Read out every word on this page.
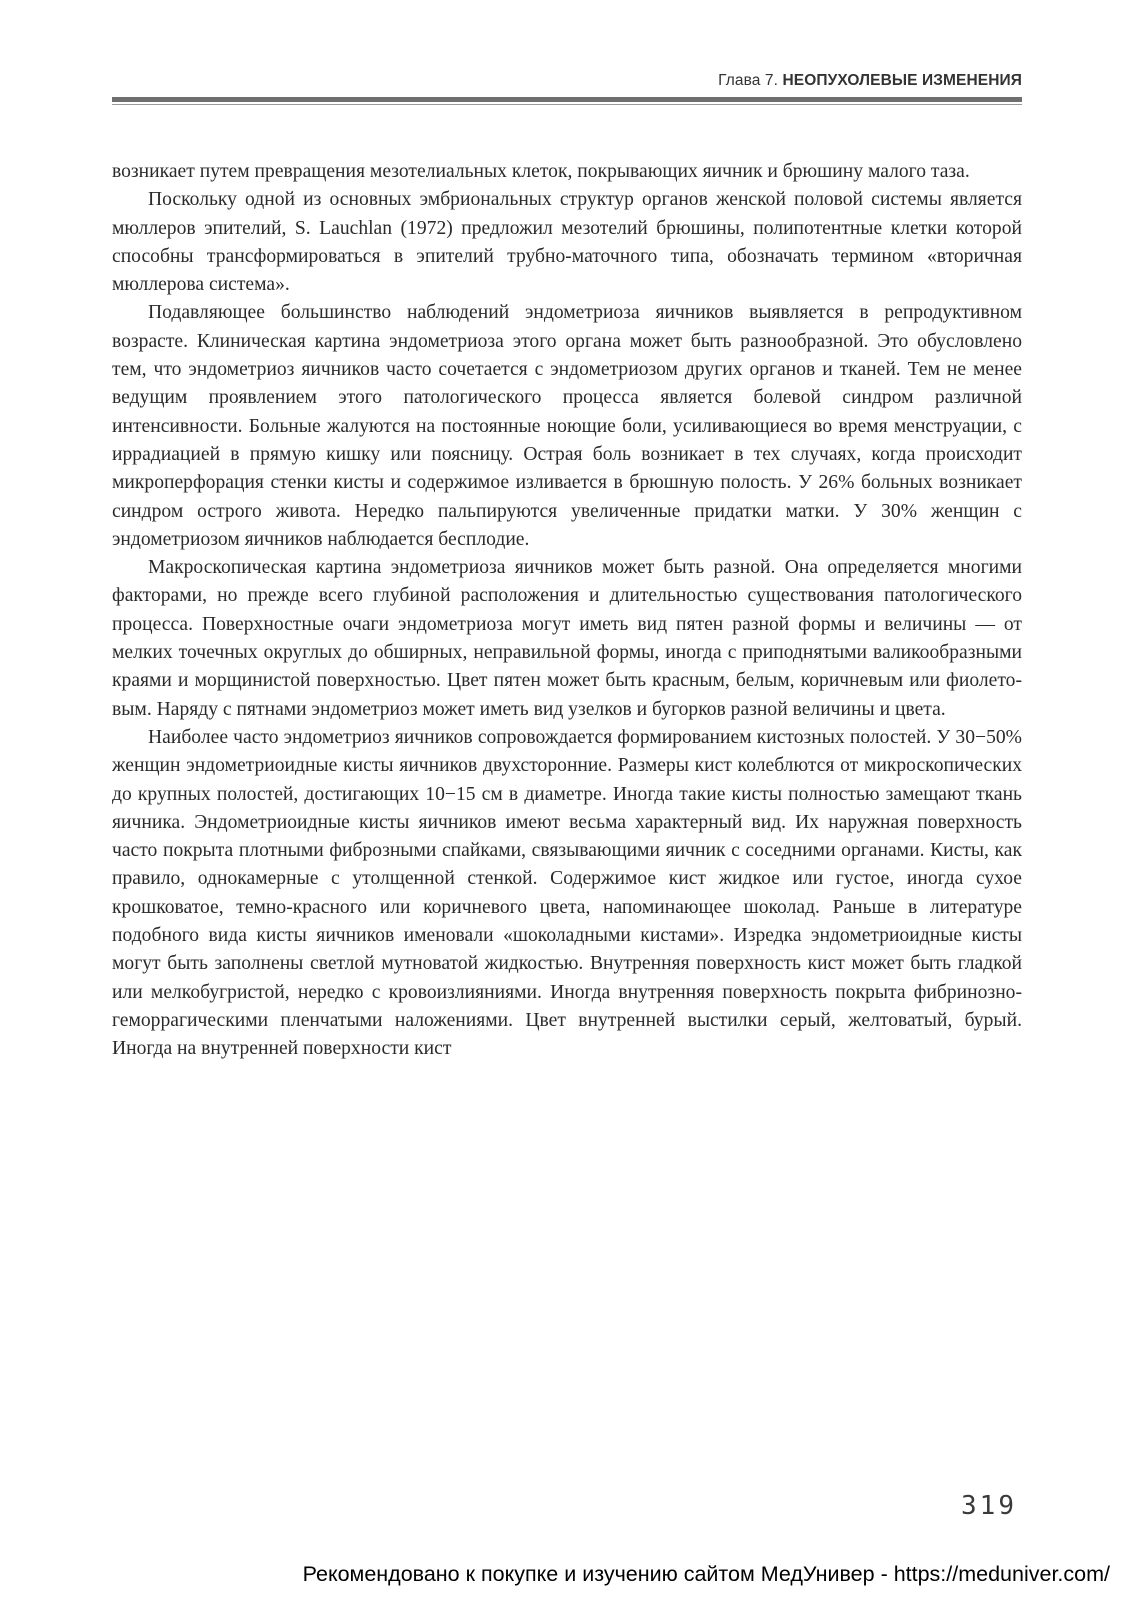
Глава 7. НЕОПУХОЛЕВЫЕ ИЗМЕНЕНИЯ

возникает путем превращения мезотелиальных клеток, покрывающих яичник и брюшину малого таза.

Поскольку одной из основных эмбриональных структур органов женской половой системы является мюллеров эпителий, S. Lauchlan (1972) предложил мезотелий брюшины, полипотентные клетки которой способны трансформироваться в эпителий трубно-маточного типа, обозначать термином «вторичная мюллерова система».

Подавляющее большинство наблюдений эндометриоза яичников выявляется в репродуктивном возрасте. Клиническая картина эндометриоза этого органа может быть разнообразной. Это обусловлено тем, что эндометриоз яичников часто сочетается с эндометриозом других органов и тканей. Тем не менее ведущим проявлением этого патологического процесса является болевой синдром различной интенсивности. Больные жалуются на постоянные ноющие боли, усиливающиеся во время менструации, с иррадиацией в прямую кишку или поясницу. Острая боль возникает в тех случаях, когда происходит микроперфорация стенки кисты и содержимое изливается в брюшную полость. У 26% больных возникает синдром острого живота. Нередко пальпируются увеличенные придатки матки. У 30% женщин с эндометриозом яичников наблюдается бесплодие.

Макроскопическая картина эндометриоза яичников может быть разной. Она определяется многими факторами, но прежде всего глубиной расположения и длительностью существования патологического процесса. Поверхностные очаги эндометриоза могут иметь вид пятен разной формы и величины — от мелких точечных округлых до обширных, неправильной формы, иногда с приподнятыми валикообразными краями и морщинистой поверхностью. Цвет пятен может быть красным, белым, коричневым или фиолетовым. Наряду с пятнами эндометриоз может иметь вид узелков и бугорков разной величины и цвета.

Наиболее часто эндометриоз яичников сопровождается формированием кистозных полостей. У 30−50% женщин эндометриоидные кисты яичников двухсторонние. Размеры кист колеблются от микроскопических до крупных полостей, достигающих 10−15 см в диаметре. Иногда такие кисты полностью замещают ткань яичника. Эндометриоидные кисты яичников имеют весьма характерный вид. Их наружная поверхность часто покрыта плотными фиброзными спайками, связывающими яичник с соседними органами. Кисты, как правило, однокамерные с утолщенной стенкой. Содержимое кист жидкое или густое, иногда сухое крошковатое, темно-красного или коричневого цвета, напоминающее шоколад. Раньше в литературе подобного вида кисты яичников именовали «шоколадными кистами». Изредка эндометриоидные кисты могут быть заполнены светлой мутноватой жидкостью. Внутренняя поверхность кист может быть гладкой или мелкобугристой, нередко с кровоизлияниями. Иногда внутренняя поверхность покрыта фибринозно-геморрагическими пленчатыми наложениями. Цвет внутренней выстилки серый, желтоватый, бурый. Иногда на внутренней поверхности кист

319
Рекомендовано к покупке и изучению сайтом МедУнивер - https://meduniver.com/
